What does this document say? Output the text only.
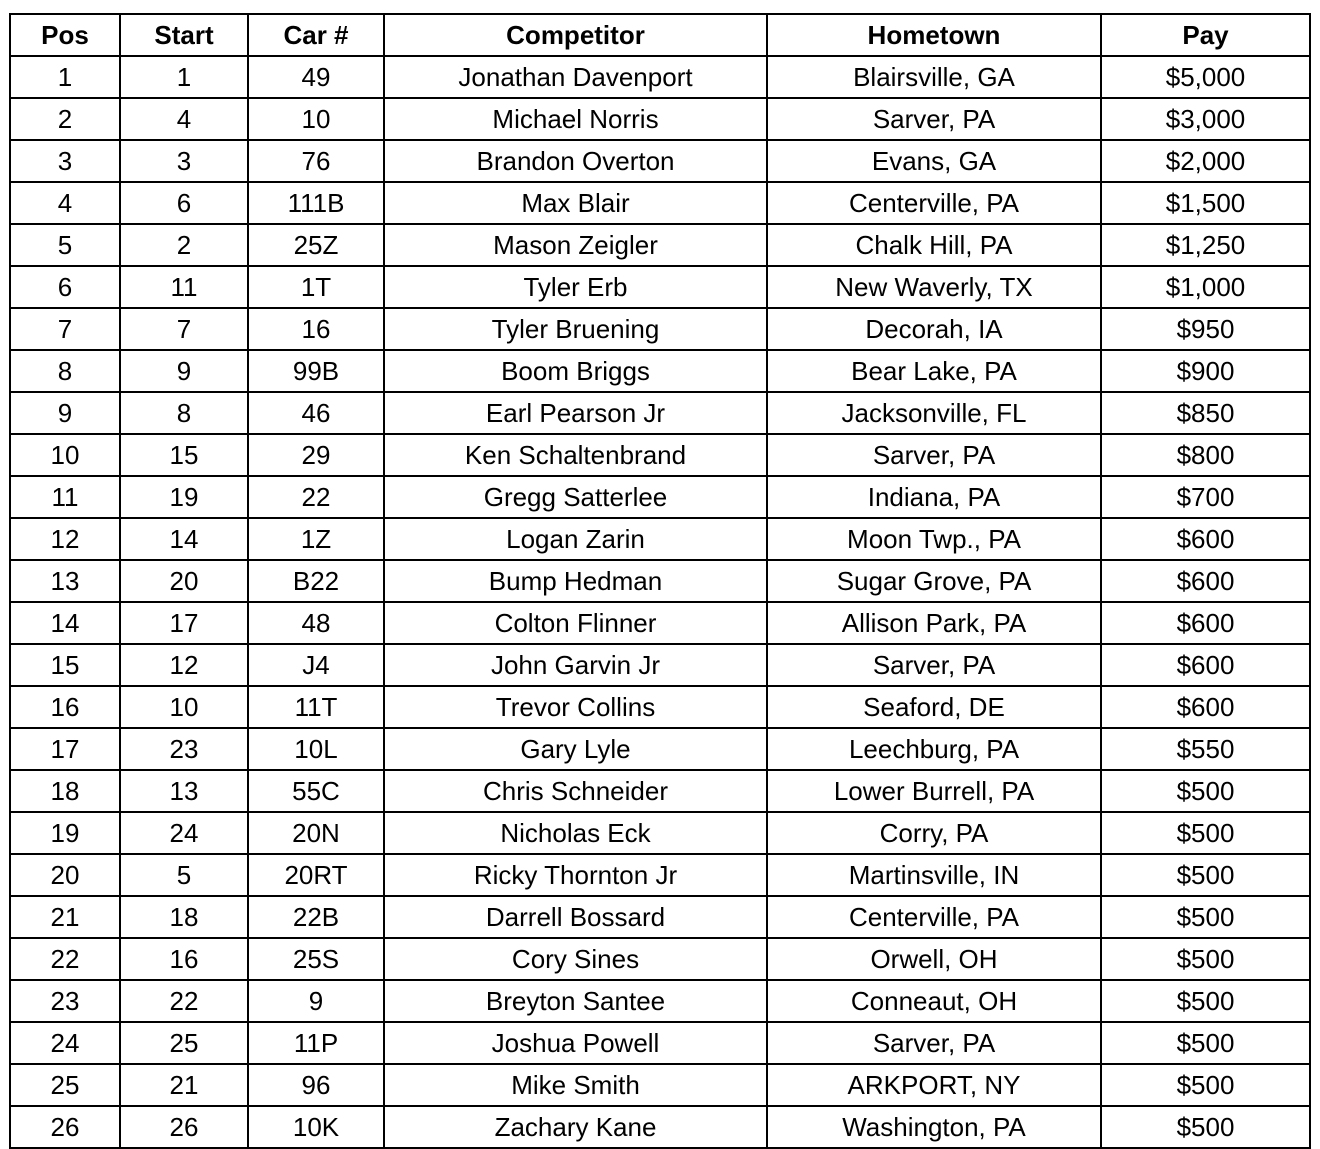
Pos	Start	Car #	Competitor	Hometown	Pay
1	1	49	Jonathan Davenport	Blairsville, GA	$5,000
2	4	10	Michael Norris	Sarver, PA	$3,000
3	3	76	Brandon Overton	Evans, GA	$2,000
4	6	111B	Max Blair	Centerville, PA	$1,500
5	2	25Z	Mason Zeigler	Chalk Hill, PA	$1,250
6	11	1T	Tyler Erb	New Waverly, TX	$1,000
7	7	16	Tyler Bruening	Decorah, IA	$950
8	9	99B	Boom Briggs	Bear Lake, PA	$900
9	8	46	Earl Pearson Jr	Jacksonville, FL	$850
10	15	29	Ken Schaltenbrand	Sarver, PA	$800
11	19	22	Gregg Satterlee	Indiana, PA	$700
12	14	1Z	Logan Zarin	Moon Twp., PA	$600
13	20	B22	Bump Hedman	Sugar Grove, PA	$600
14	17	48	Colton Flinner	Allison Park, PA	$600
15	12	J4	John Garvin Jr	Sarver, PA	$600
16	10	11T	Trevor Collins	Seaford, DE	$600
17	23	10L	Gary Lyle	Leechburg, PA	$550
18	13	55C	Chris Schneider	Lower Burrell, PA	$500
19	24	20N	Nicholas Eck	Corry, PA	$500
20	5	20RT	Ricky Thornton Jr	Martinsville, IN	$500
21	18	22B	Darrell Bossard	Centerville, PA	$500
22	16	25S	Cory Sines	Orwell, OH	$500
23	22	9	Breyton Santee	Conneaut, OH	$500
24	25	11P	Joshua Powell	Sarver, PA	$500
25	21	96	Mike Smith	ARKPORT, NY	$500
26	26	10K	Zachary Kane	Washington, PA	$500
